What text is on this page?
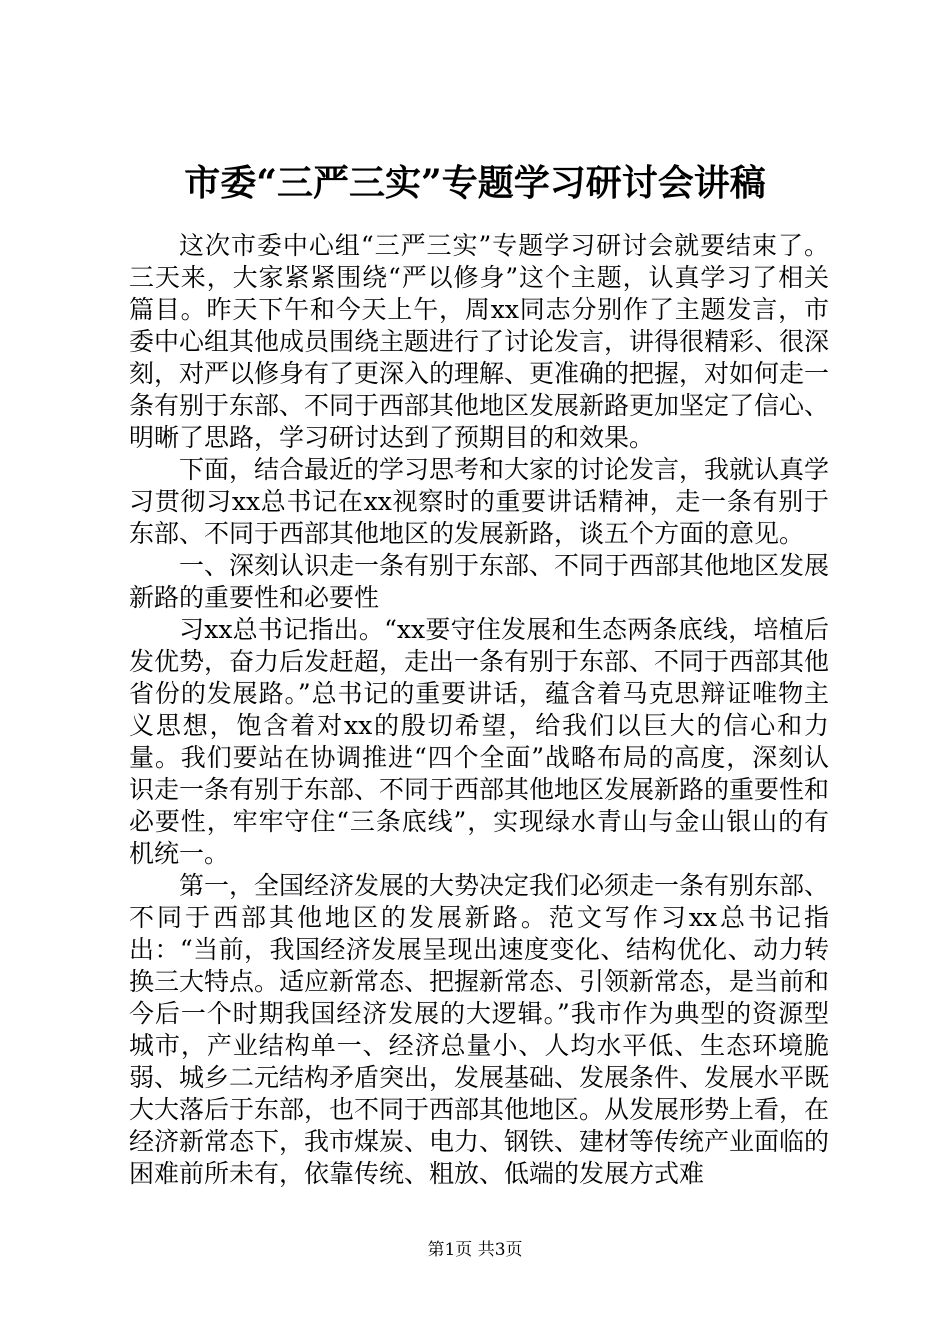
市委“三严三实”专题学习研讨会讲稿

这次市委中心组“三严三实”专题学习研讨会就要结束了。三天来，大家紧紧围绕“严以修身”这个主题，认真学习了相关篇目。昨天下午和今天上午，周xx同志分别作了主题发言，市委中心组其他成员围绕主题进行了讨论发言，讲得很精彩、很深刻，对严以修身有了更深入的理解、更准确的把握，对如何走一条有别于东部、不同于西部其他地区发展新路更加坚定了信心、明晰了思路，学习研讨达到了预期目的和效果。

下面，结合最近的学习思考和大家的讨论发言，我就认真学习贯彻习xx总书记在xx视察时的重要讲话精神，走一条有别于东部、不同于西部其他地区的发展新路，谈五个方面的意见。

一、深刻认识走一条有别于东部、不同于西部其他地区发展新路的重要性和必要性

习xx总书记指出。“xx要守住发展和生态两条底线，培植后发优势，奋力后发赶超，走出一条有别于东部、不同于西部其他省份的发展路。”总书记的重要讲话，蕴含着马克思辩证唯物主义思想，饱含着对xx的殷切希望，给我们以巨大的信心和力量。我们要站在协调推进“四个全面”战略布局的高度，深刻认识走一条有别于东部、不同于西部其他地区发展新路的重要性和必要性，牢牢守住“三条底线”，实现绿水青山与金山银山的有机统一。

第一，全国经济发展的大势决定我们必须走一条有别东部、不同于西部其他地区的发展新路。范文写作习xx总书记指出：“当前，我国经济发展呈现出速度变化、结构优化、动力转换三大特点。适应新常态、把握新常态、引领新常态，是当前和今后一个时期我国经济发展的大逻辑。”我市作为典型的资源型城市，产业结构单一、经济总量小、人均水平低、生态环境脆弱、城乡二元结构矛盾突出，发展基础、发展条件、发展水平既大大落后于东部，也不同于西部其他地区。从发展形势上看，在经济新常态下，我市煤炭、电力、钢铁、建材等传统产业面临的困难前所未有，依靠传统、粗放、低端的发展方式难

第1页 共3页
